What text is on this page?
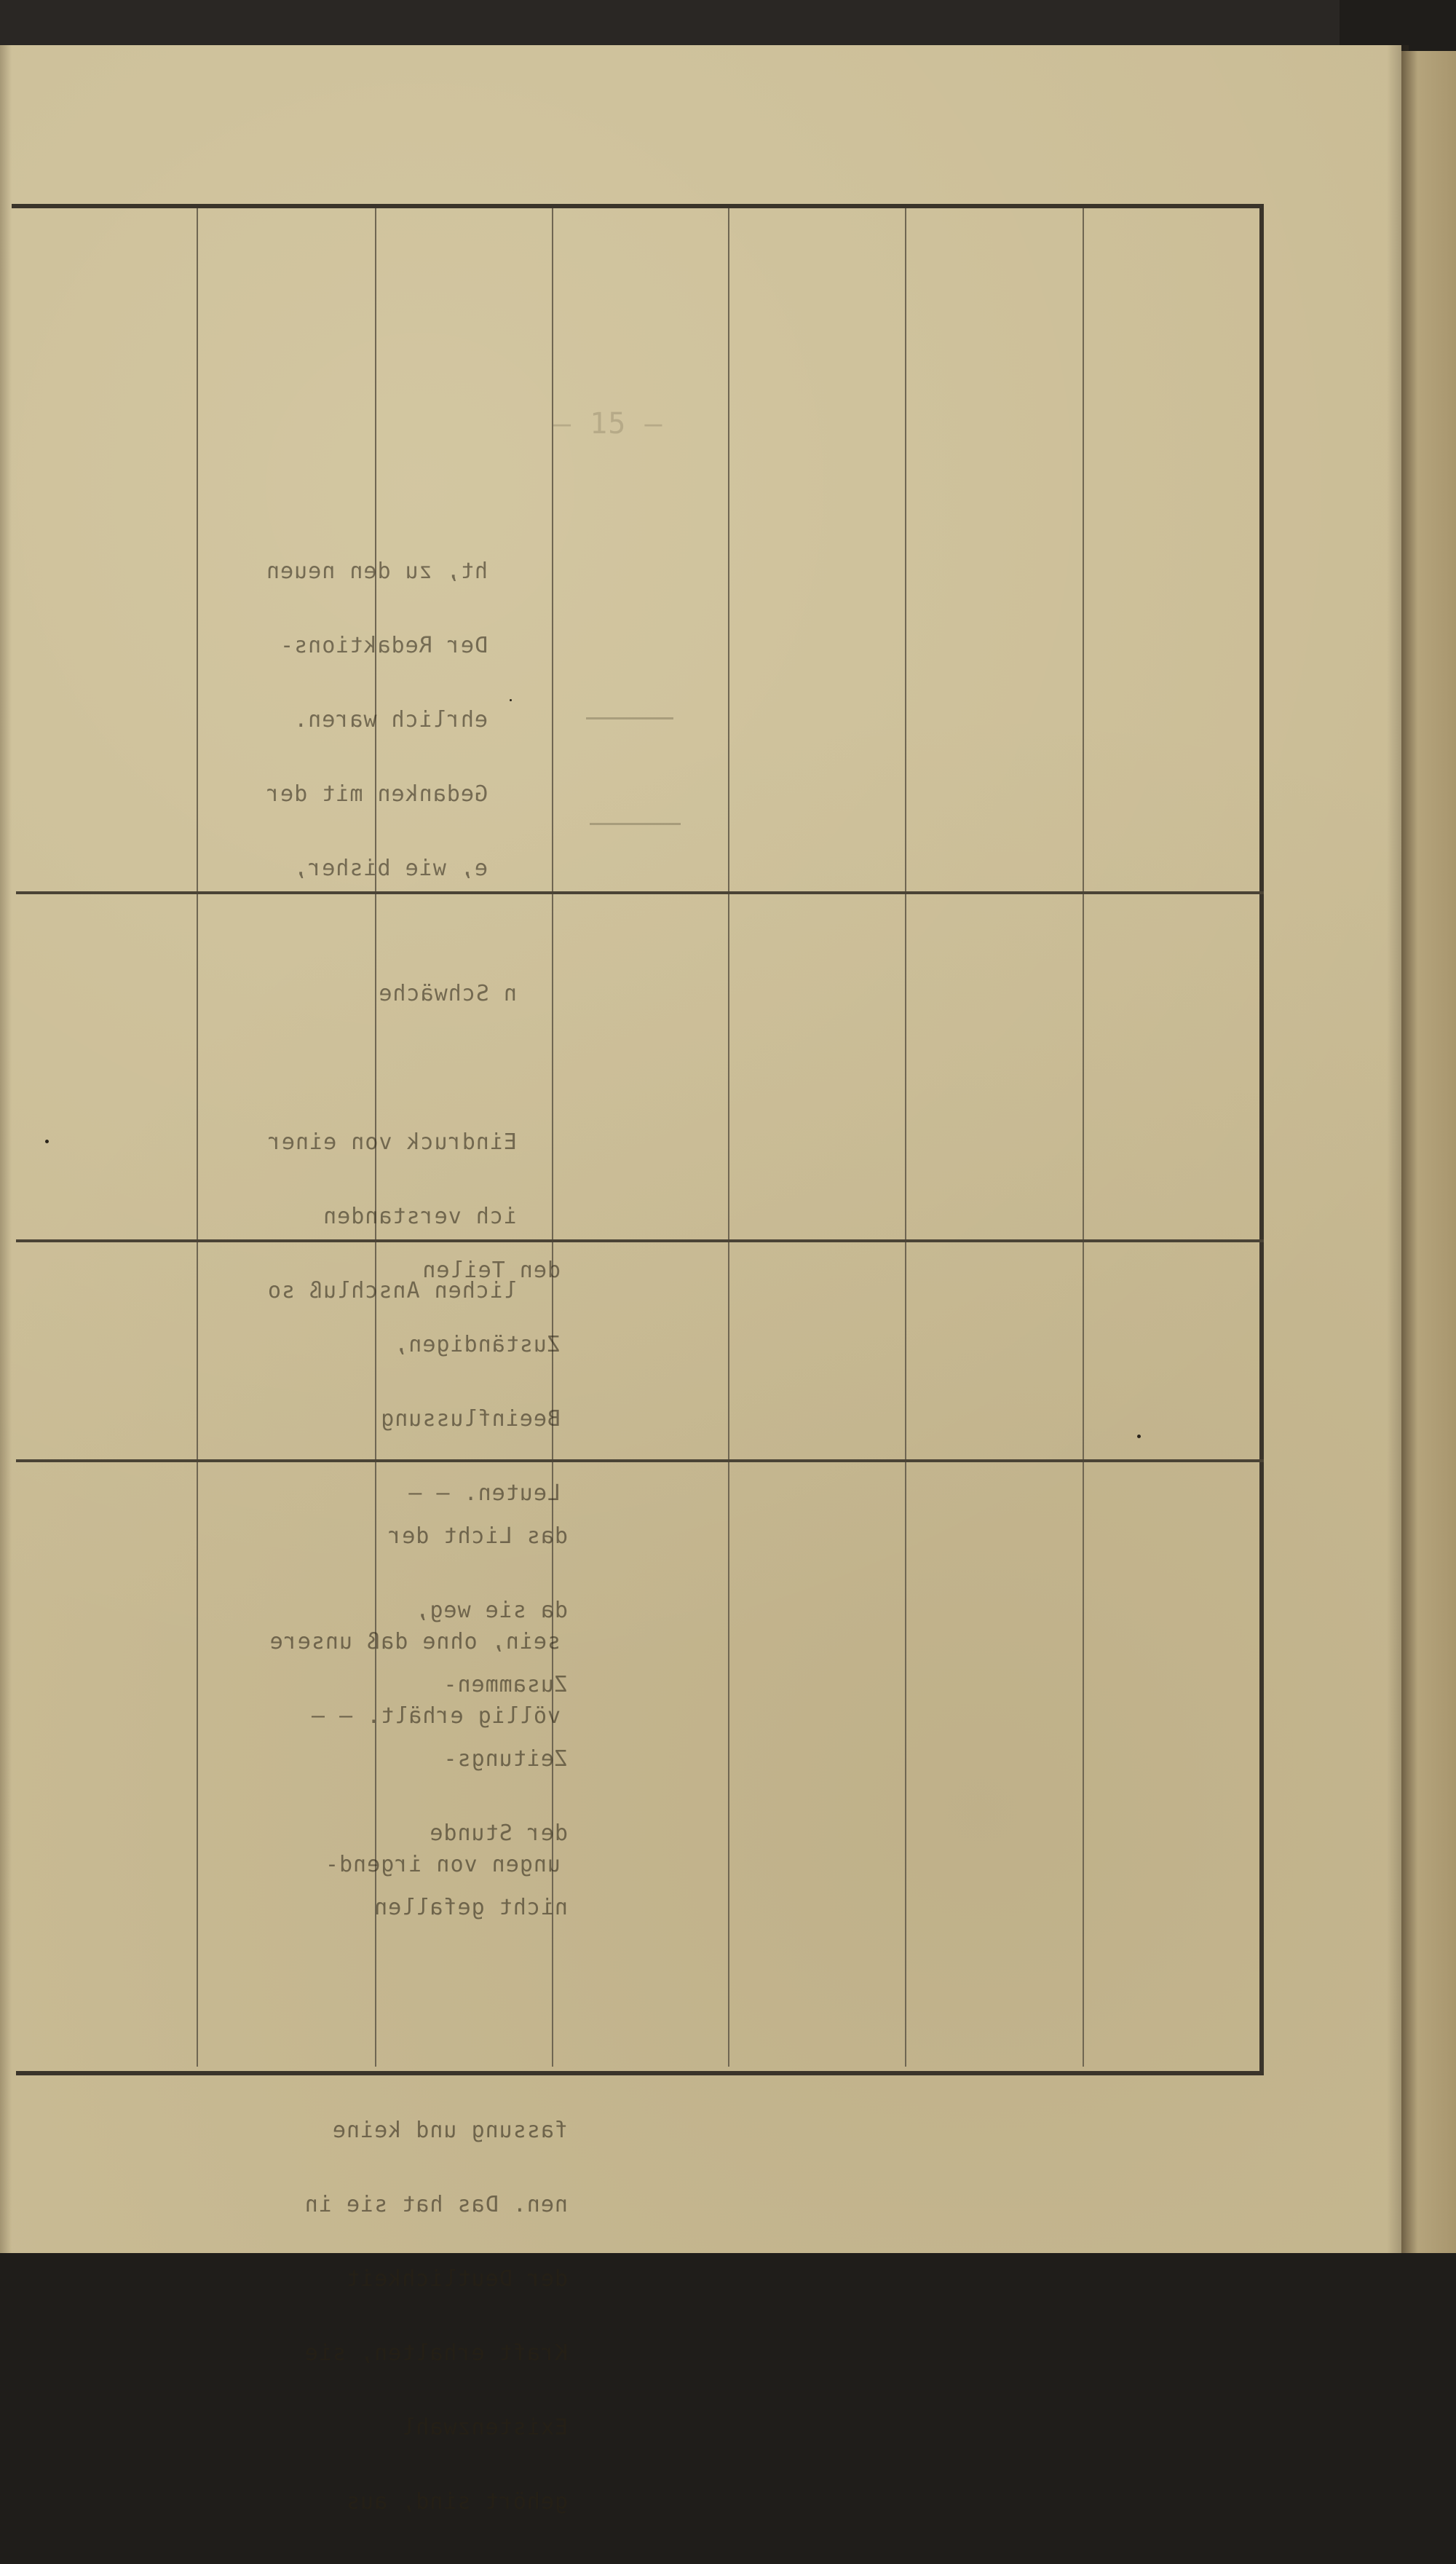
— 15 —

ht, zu den neuen

Der Redaktions-

ehrlich waren.

Gedanken mit der

e, wie bisher,

n Schwäche

Eindruck von einer

ich verstanden

lichen Anschluß so

den Teilen

Zuständigen,

Beeinflussung

Leuten. — —

sein, ohne daß unsere

völlig erhält. — —

ungen von irgend-

das Licht der

da sie weg,

Zusammen-

Zeitungs-

der Stunde

nicht gefallen

fassung und keine

nen. Das hat sie in

der Deutlichkeit

Kraft erhalten, sie

Existenzwahl

gehört sind, aus
